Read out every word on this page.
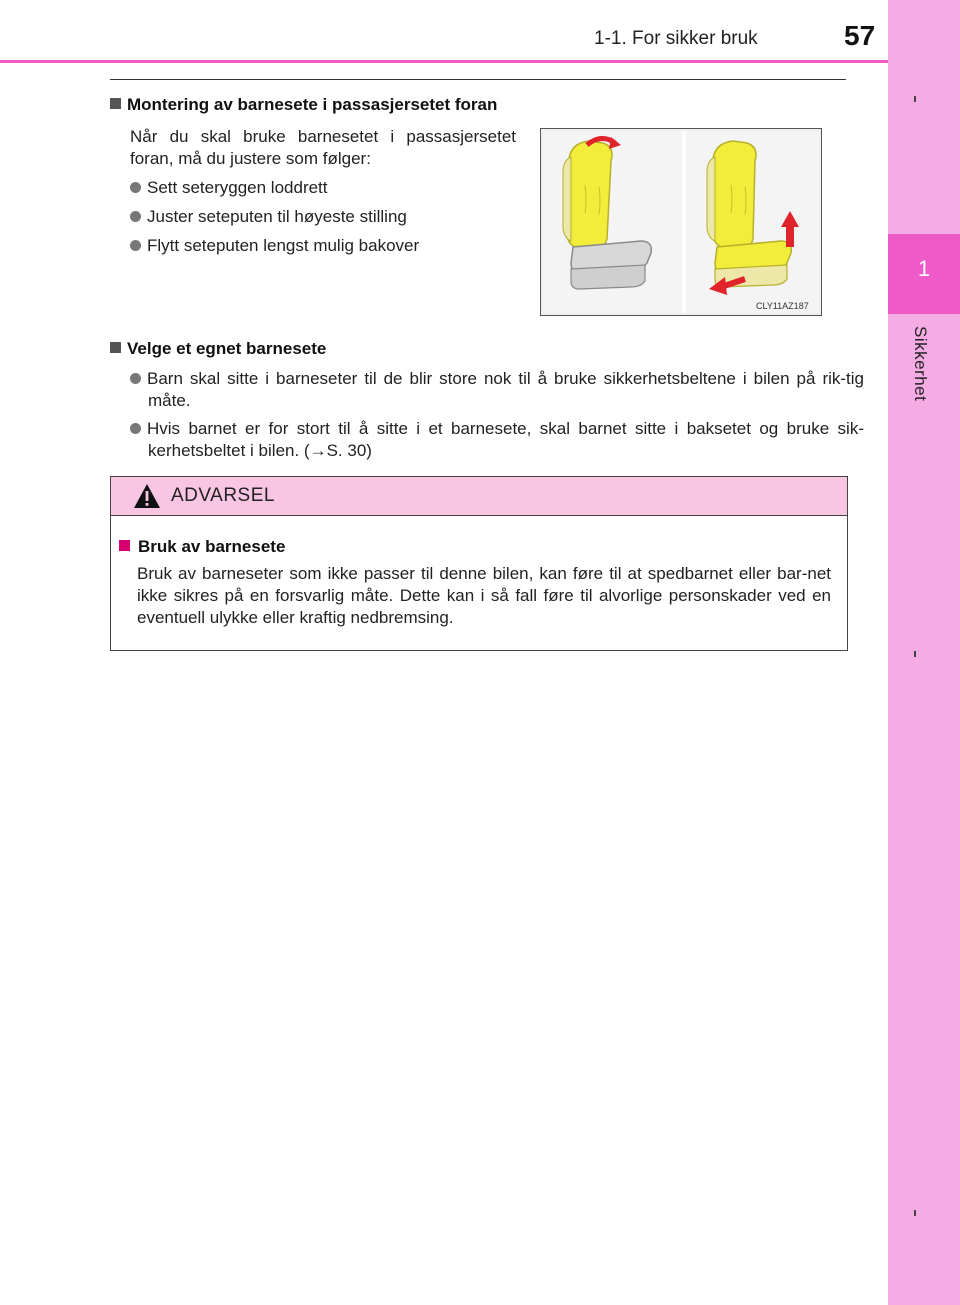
1-1. For sikker bruk	57
1
Sikkerhet
Montering av barnesete i passasjersetet foran
Når du skal bruke barnesetet i passasjersetet foran, må du justere som følger:
Sett seteryggen loddrett
Juster seteputen til høyeste stilling
Flytt seteputen lengst mulig bakover
CLY11AZ187
Velge et egnet barnesete
Barn skal sitte i barneseter til de blir store nok til å bruke sikkerhetsbeltene i bilen på rik-tig måte.
Hvis barnet er for stort til å sitte i et barnesete, skal barnet sitte i baksetet og bruke sik-kerhetsbeltet i bilen. (→S. 30)
ADVARSEL
Bruk av barnesete
Bruk av barneseter som ikke passer til denne bilen, kan føre til at spedbarnet eller bar-net ikke sikres på en forsvarlig måte. Dette kan i så fall føre til alvorlige personskader ved en eventuell ulykke eller kraftig nedbremsing.
